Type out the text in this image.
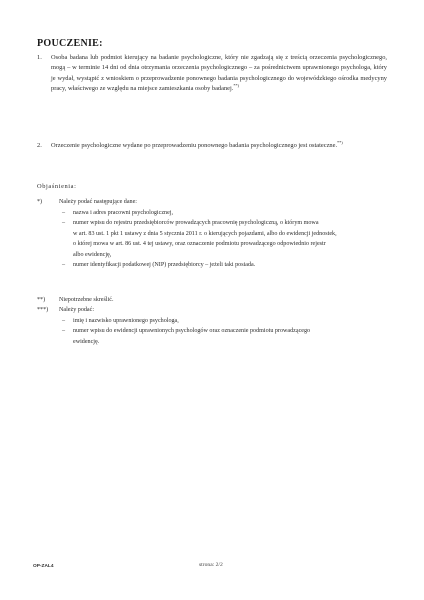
POUCZENIE:
1. Osoba badana lub podmiot kierujący na badanie psychologiczne, który nie zgadzają się z treścią orzeczenia psychologicznego, mogą – w terminie 14 dni od dnia otrzymania orzeczenia psychologicznego – za pośrednictwem uprawnionego psychologa, który je wydał, wystąpić z wnioskiem o przeprowadzenie ponownego badania psychologicznego do wojewódzkiego ośrodka medycyny pracy, właściwego ze względu na miejsce zamieszkania osoby badanej.**)
2. Orzeczenie psychologiczne wydane po przeprowadzeniu ponownego badania psychologicznego jest ostateczne.**)
Objaśnienia:
*)	Należy podać następujące dane:
– nazwa i adres pracowni psychologicznej,
– numer wpisu do rejestru przedsiębiorców prowadzących pracownię psychologiczną, o którym mowa
w art. 83 ust. 1 pkt 1 ustawy z dnia 5 stycznia 2011 r. o kierujących pojazdami, albo do ewidencji jednostek,
o której mowa w art. 86 ust. 4 tej ustawy, oraz oznaczenie podmiotu prowadzącego odpowiednio rejestr
albo ewidencję,
– numer identyfikacji podatkowej (NIP) przedsiębiorcy – jeżeli taki posiada.
**) Niepotrzebne skreślić.
***) Należy podać:
– imię i nazwisko uprawnionego psychologa,
– numer wpisu do ewidencji uprawnionych psychologów oraz oznaczenie podmiotu prowadzącego
ewidencję.
OP-ZAL4	strona: 2/2
